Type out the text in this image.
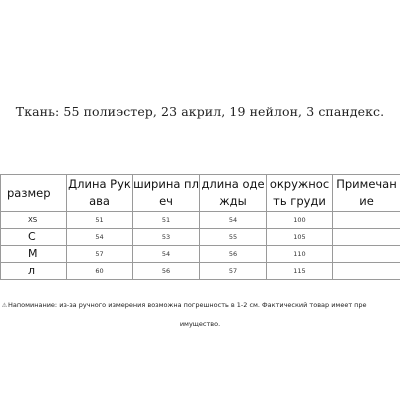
Ткань: 55 полиэстер, 23 акрил, 19 нейлон, 3 спандекс.
размер	Длина Рукава	ширина плеч	длина одежды	окружность груди	Примечание
XS	51	51	54	100	
С	54	53	55	105	
М	57	54	56	110	
л	60	56	57	115	
⚠Напоминание: из-за ручного измерения возможна погрешность в 1-2 см. Фактический товар имеет пре
имущество.
